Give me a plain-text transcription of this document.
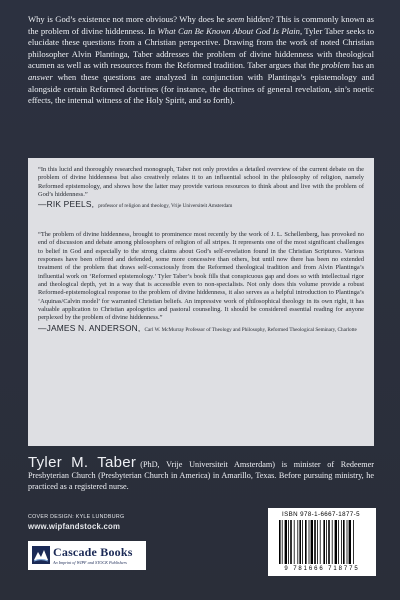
Why is God’s existence not more obvious? Why does he seem hidden? This is commonly known as the problem of divine hiddenness. In What Can Be Known About God Is Plain, Tyler Taber seeks to elucidate these questions from a Christian perspective. Drawing from the work of noted Christian philosopher Alvin Plantinga, Taber addresses the problem of divine hiddenness with theological acumen as well as with resources from the Reformed tradition. Taber argues that the problem has an answer when these questions are analyzed in conjunction with Plantinga’s epistemology and alongside certain Reformed doctrines (for instance, the doctrines of general revelation, sin’s noetic effects, the internal witness of the Holy Spirit, and so forth).
“In this lucid and thoroughly researched monograph, Taber not only provides a detailed overview of the current debate on the problem of divine hiddenness but also creatively relates it to an influential school in the philosophy of religion, namely Reformed epistemology, and shows how the latter may provide various resources to think about and live with the problem of God’s hiddenness.”
—RIK PEELS, professor of religion and theology, Vrije Universiteit Amsterdam
“The problem of divine hiddenness, brought to prominence most recently by the work of J. L. Schellenberg, has provoked no end of discussion and debate among philosophers of religion of all stripes. It represents one of the most significant challenges to belief in God and especially to the strong claims about God’s self-revelation found in the Christian Scriptures. Various responses have been offered and defended, some more concessive than others, but until now there has been no extended treatment of the problem that draws self-consciously from the Reformed theological tradition and from Alvin Plantinga’s influential work on ‘Reformed epistemology.’ Tyler Taber’s book fills that conspicuous gap and does so with intellectual rigor and theological depth, yet in a way that is accessible even to non-specialists. Not only does this volume provide a robust Reformed-epistemological response to the problem of divine hiddenness, it also serves as a helpful introduction to Plantinga’s ‘Aquinas/Calvin model’ for warranted Christian beliefs. An impressive work of philosophical theology in its own right, it has valuable application to Christian apologetics and pastoral counseling. It should be considered essential reading for anyone perplexed by the problem of divine hiddenness.”
—JAMES N. ANDERSON, Carl W. McMurray Professor of Theology and Philosophy, Reformed Theological Seminary, Charlotte
Tyler M. Taber (PhD, Vrije Universiteit Amsterdam) is minister of Redeemer Presbyterian Church (Presbyterian Church in America) in Amarillo, Texas. Before pursuing ministry, he practiced as a registered nurse.
COVER DESIGN: KYLE LUNDBURG
www.wipfandstock.com
Cascade Books
An Imprint of WIPF and STOCK Publishers
ISBN 978-1-6667-1877-5
9 781666 718775
